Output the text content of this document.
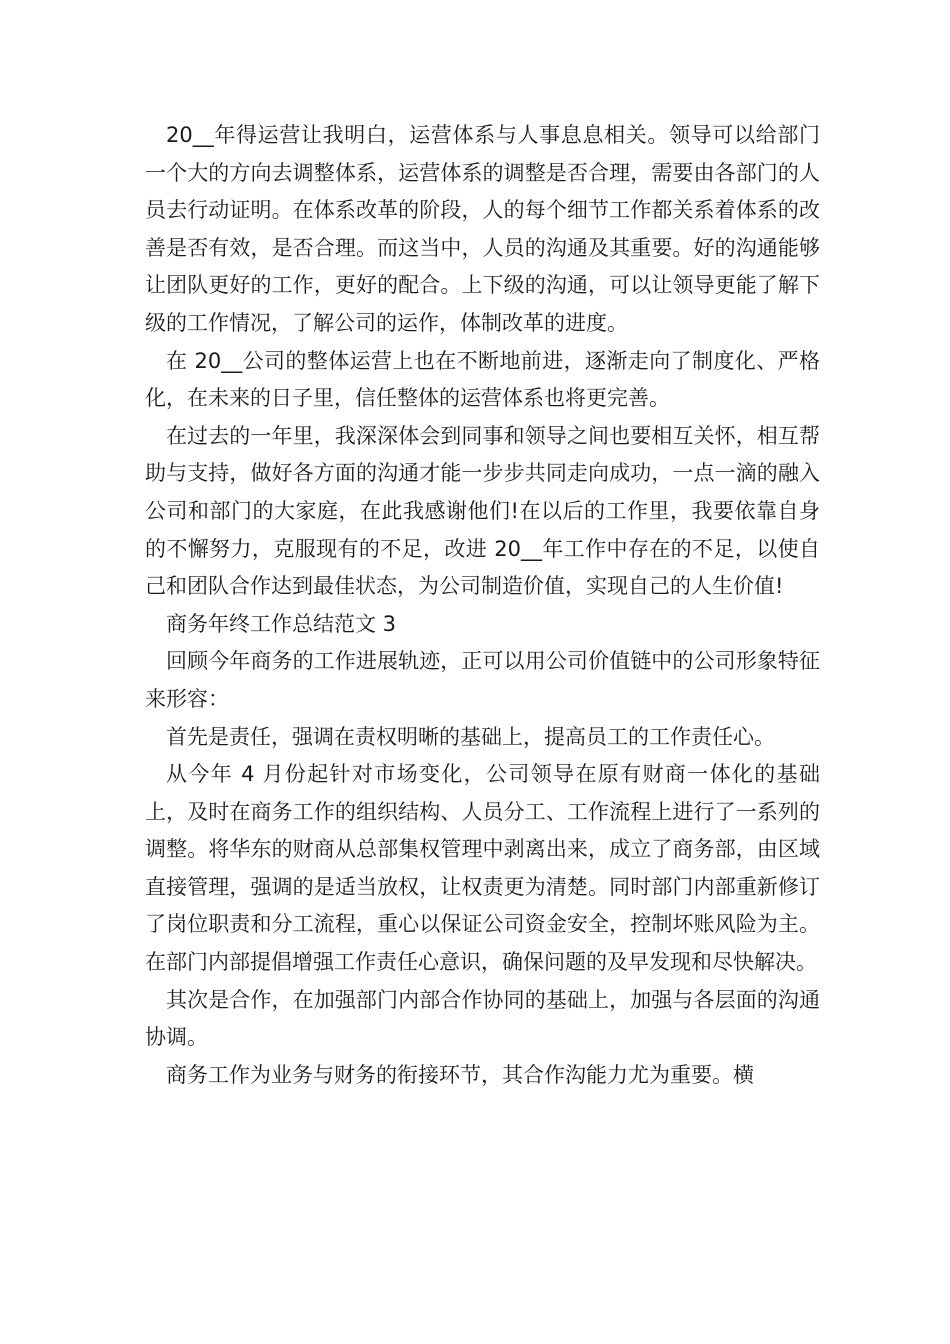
20__年得运营让我明白，运营体系与人事息息相关。领导可以给部门一个大的方向去调整体系，运营体系的调整是否合理，需要由各部门的人员去行动证明。在体系改革的阶段，人的每个细节工作都关系着体系的改善是否有效，是否合理。而这当中，人员的沟通及其重要。好的沟通能够让团队更好的工作，更好的配合。上下级的沟通，可以让领导更能了解下级的工作情况，了解公司的运作，体制改革的进度。

在 20__公司的整体运营上也在不断地前进，逐渐走向了制度化、严格化，在未来的日子里，信任整体的运营体系也将更完善。

在过去的一年里，我深深体会到同事和领导之间也要相互关怀，相互帮助与支持，做好各方面的沟通才能一步步共同走向成功，一点一滴的融入公司和部门的大家庭，在此我感谢他们!在以后的工作里，我要依靠自身的不懈努力，克服现有的不足，改进 20__年工作中存在的不足，以使自己和团队合作达到最佳状态，为公司制造价值，实现自己的人生价值!

商务年终工作总结范文 3

回顾今年商务的工作进展轨迹，正可以用公司价值链中的公司形象特征来形容：

首先是责任，强调在责权明晰的基础上，提高员工的工作责任心。

从今年 4 月份起针对市场变化，公司领导在原有财商一体化的基础上，及时在商务工作的组织结构、人员分工、工作流程上进行了一系列的调整。将华东的财商从总部集权管理中剥离出来，成立了商务部，由区域直接管理，强调的是适当放权，让权责更为清楚。同时部门内部重新修订了岗位职责和分工流程，重心以保证公司资金安全，控制坏账风险为主。在部门内部提倡增强工作责任心意识，确保问题的及早发现和尽快解决。

其次是合作，在加强部门内部合作协同的基础上，加强与各层面的沟通协调。

商务工作为业务与财务的衔接环节，其合作沟能力尤为重要。横
